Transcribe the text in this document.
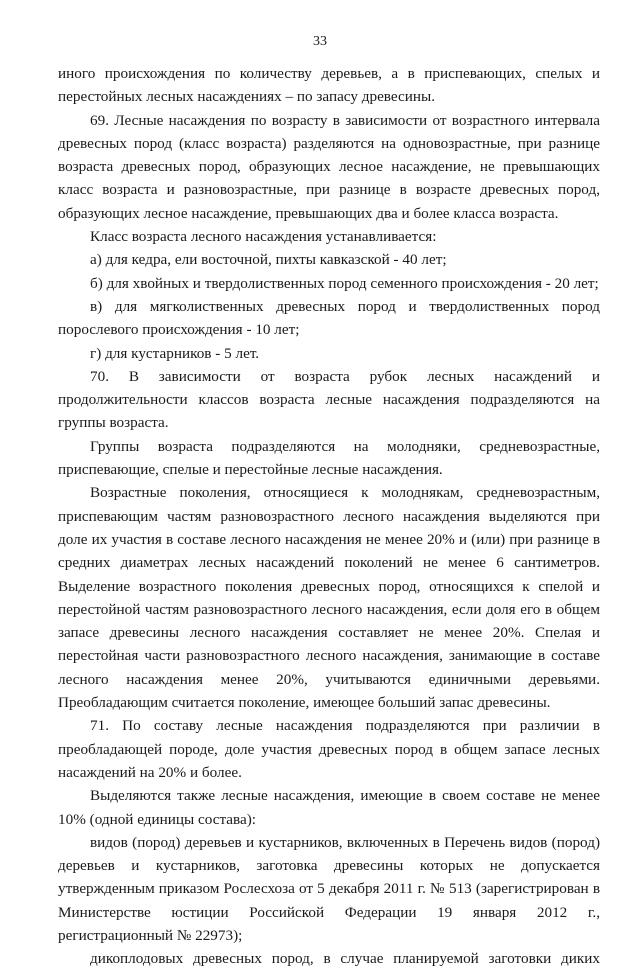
33

иного происхождения по количеству деревьев, а в приспевающих, спелых и перестойных лесных насаждениях – по запасу древесины.

69. Лесные насаждения по возрасту в зависимости от возрастного интервала древесных пород (класс возраста) разделяются на одновозрастные, при разнице возраста древесных пород, образующих лесное насаждение, не превышающих класс возраста и разновозрастные, при разнице в возрасте древесных пород, образующих лесное насаждение, превышающих два и более класса возраста.

Класс возраста лесного насаждения устанавливается:

а) для кедра, ели восточной, пихты кавказской - 40 лет;

б) для хвойных и твердолиственных пород семенного происхождения - 20 лет;

в) для мягколиственных древесных пород и твердолиственных пород порослевого происхождения - 10 лет;

г) для кустарников - 5 лет.

70. В зависимости от возраста рубок лесных насаждений и продолжительности классов возраста лесные насаждения подразделяются на группы возраста.

Группы возраста подразделяются на молодняки, средневозрастные, приспевающие, спелые и перестойные лесные насаждения.

Возрастные поколения, относящиеся к молоднякам, средневозрастным, приспевающим частям разновозрастного лесного насаждения выделяются при доле их участия в составе лесного насаждения не менее 20% и (или) при разнице в средних диаметрах лесных насаждений поколений не менее 6 сантиметров. Выделение возрастного поколения древесных пород, относящихся к спелой и перестойной частям разновозрастного лесного насаждения, если доля его в общем запасе древесины лесного насаждения составляет не менее 20%. Спелая и перестойная части разновозрастного лесного насаждения, занимающие в составе лесного насаждения менее 20%, учитываются единичными деревьями. Преобладающим считается поколение, имеющее больший запас древесины.

71. По составу лесные насаждения подразделяются при различии в преобладающей породе, доле участия древесных пород в общем запасе лесных насаждений на 20% и более.

Выделяются также лесные насаждения, имеющие в своем составе не менее 10% (одной единицы состава):

видов (пород) деревьев и кустарников, включенных в Перечень видов (пород) деревьев и кустарников, заготовка древесины которых не допускается утвержденным приказом Рослесхоза от 5 декабря 2011 г. № 513 (зарегистрирован в Министерстве юстиции Российской Федерации 19 января 2012 г., регистрационный № 22973);

дикоплодовых древесных пород, в случае планируемой заготовки диких
